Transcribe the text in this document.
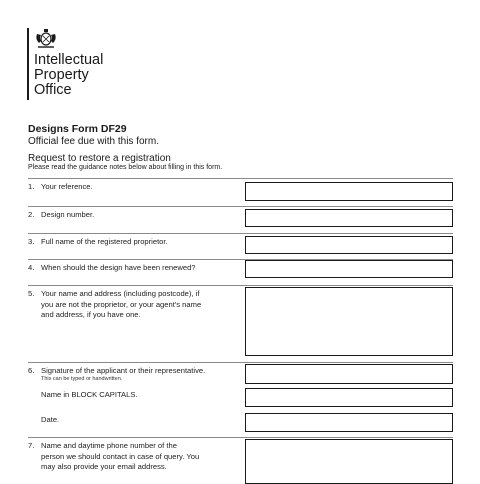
Intellectual
Property
Office
Designs Form DF29
Official fee due with this form.
Request to restore a registration
Please read the guidance notes below about filling in this form.
1. Your reference.
2. Design number.
3. Full name of the registered proprietor.
4. When should the design have been renewed?
5. Your name and address (including postcode), if
you are not the proprietor, or your agent's name
and address, if you have one.
6. Signature of the applicant or their representative.
This can be typed or handwritten.
Name in BLOCK CAPITALS.
Date.
7. Name and daytime phone number of the
person we should contact in case of query. You
may also provide your email address.
